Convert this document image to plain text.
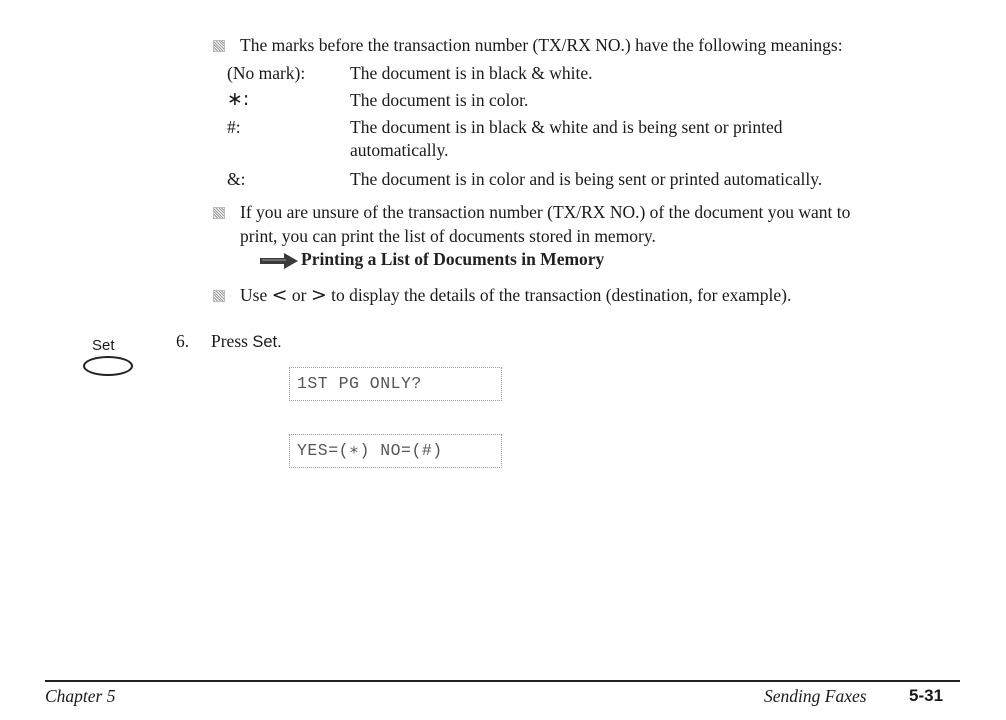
The marks before the transaction number (TX/RX NO.) have the following meanings:
(No mark):	The document is in black & white.
∗:	The document is in color.
#:	The document is in black & white and is being sent or printed
automatically.
&:	The document is in color and is being sent or printed automatically.
If you are unsure of the transaction number (TX/RX NO.) of the document you want to
print, you can print the list of documents stored in memory.
Printing a List of Documents in Memory
Use < or > to display the details of the transaction (destination, for example).
Set	6. Press Set.
1ST PG ONLY?
YES=(∗) NO=(#)
Chapter 5	Sending Faxes 5-31
